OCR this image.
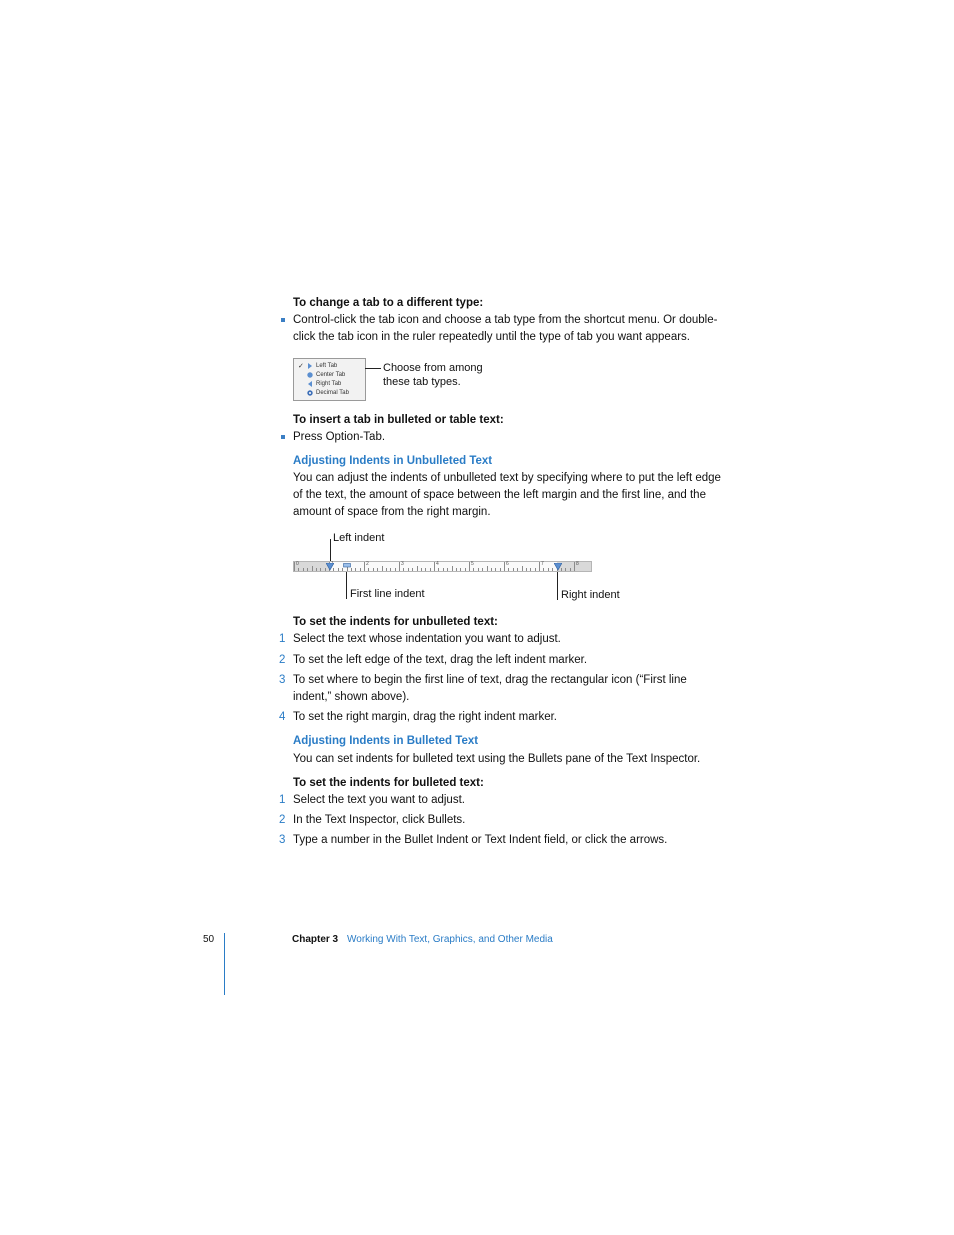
To change a tab to a different type:
Control-click the tab icon and choose a tab type from the shortcut menu. Or double-
click the tab icon in the ruler repeatedly until the type of tab you want appears.
✓ Left Tab
Center Tab
Right Tab
Decimal Tab
Choose from among
these tab types.
To insert a tab in bulleted or table text:
Press Option-Tab.
Adjusting Indents in Unbulleted Text
You can adjust the indents of unbulleted text by specifying where to put the left edge
of the text, the amount of space between the left margin and the first line, and the
amount of space from the right margin.
Left indent
0	2	3	4	5	6	7	8
First line indent	Right indent
To set the indents for unbulleted text:
1 Select the text whose indentation you want to adjust.
2 To set the left edge of the text, drag the left indent marker.
3 To set where to begin the first line of text, drag the rectangular icon (“First line
indent,” shown above).
4 To set the right margin, drag the right indent marker.
Adjusting Indents in Bulleted Text
You can set indents for bulleted text using the Bullets pane of the Text Inspector.
To set the indents for bulleted text:
1 Select the text you want to adjust.
2 In the Text Inspector, click Bullets.
3 Type a number in the Bullet Indent or Text Indent field, or click the arrows.
50	Chapter 3 Working With Text, Graphics, and Other Media
